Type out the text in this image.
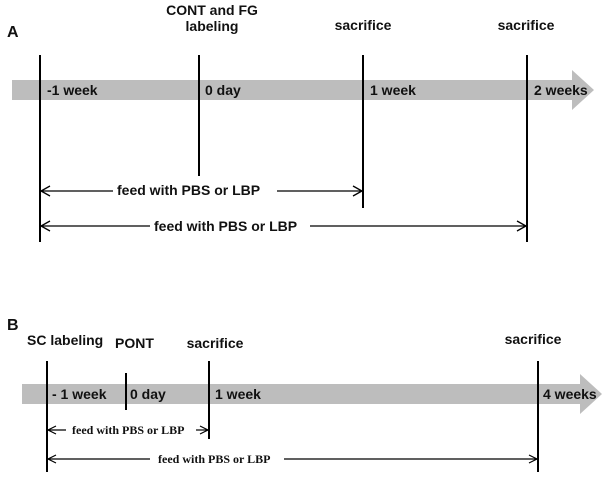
A
CONT and FG
labeling	sacrifice	sacrifice
-1 week	0 day	1 week	2 weeks
feed with PBS or LBP
feed with PBS or LBP
B
SC labeling PONT sacrifice	sacrifice
- 1 week 0 day	1 week	4 weeks
feed with PBS or LBP
feed with PBS or LBP
